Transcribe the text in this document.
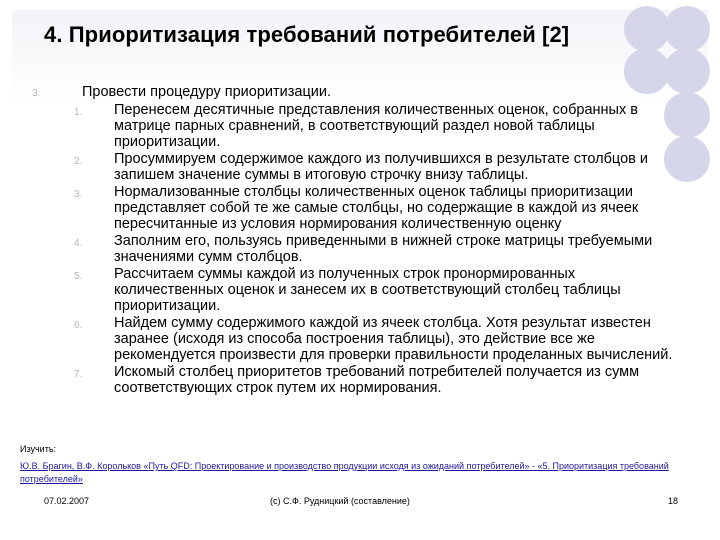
4. Приоритизация требований потребителей [2]
3.	Провести процедуру приоритизации.
1.	Перенесем десятичные представления количественных оценок, собранных в матрице парных сравнений, в соответствующий раздел новой таблицы приоритизации.
2.	Просуммируем содержимое каждого из получившихся в результате столбцов и запишем значение суммы в итоговую строчку внизу таблицы.
3.	Нормализованные столбцы количественных оценок таблицы приоритизации представляет собой те же самые столбцы, но содержащие в каждой из ячеек пересчитанные из условия нормирования количественную оценку
4.	Заполним его, пользуясь приведенными в нижней строке матрицы требуемыми значениями сумм столбцов.
5.	Рассчитаем суммы каждой из полученных строк пронормированных количественных оценок и занесем их в соответствующий столбец таблицы приоритизации.
6.	Найдем сумму содержимого каждой из ячеек столбца. Хотя результат известен заранее (исходя из способа построения таблицы), это действие все же рекомендуется произвести для проверки правильности проделанных вычислений.
7.	Искомый столбец приоритетов требований потребителей получается из сумм соответствующих строк путем их нормирования.
Изучить:
Ю.В. Брагин, В.Ф. Корольков «Путь QFD: Проектирование и производство продукции исходя из ожиданий потребителей» - «5. Приоритизация требований потребителей»
07.02.2007	(c) С.Ф. Рудницкий (составление)	18
